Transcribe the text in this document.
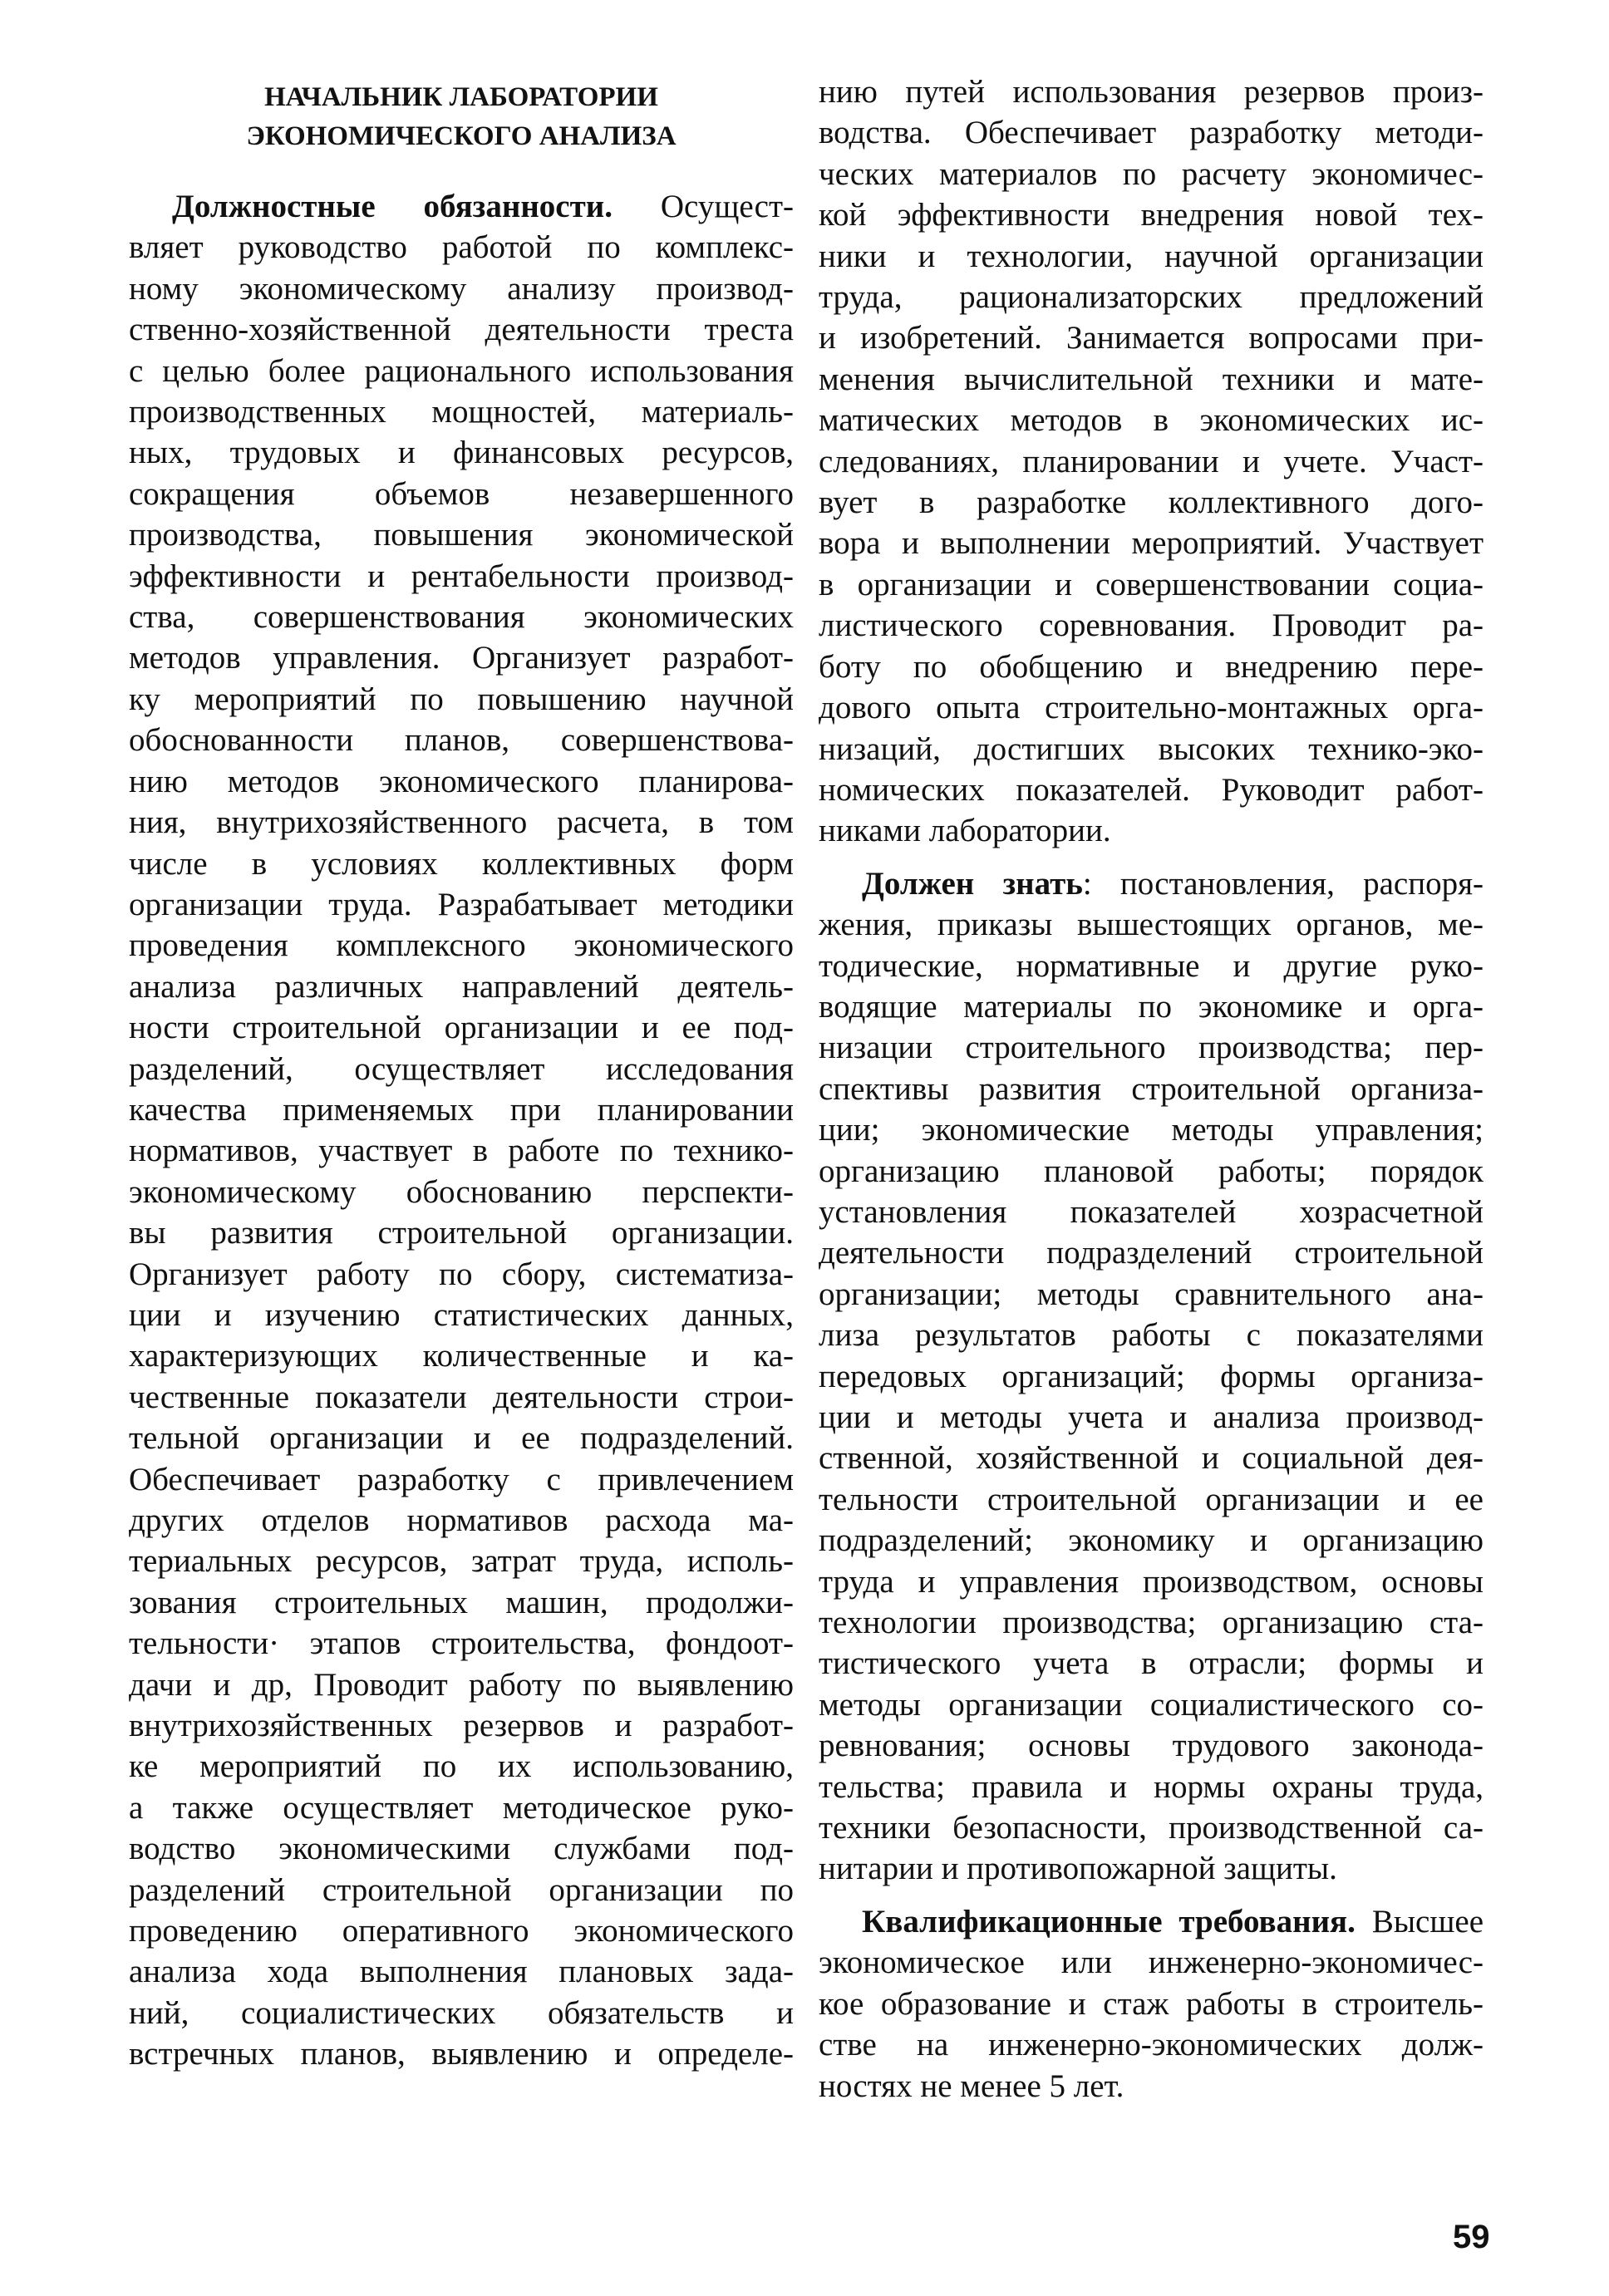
НАЧАЛЬНИК ЛАБОРАТОРИИ
ЭКОНОМИЧЕСКОГО АНАЛИЗА
Должностные обязанности. Осущест-
вляет руководство работой по комплекс-
ному экономическому анализу производ-
ственно-хозяйственной деятельности треста
с целью более рационального использования
производственных мощностей, материаль-
ных, трудовых и финансовых ресурсов,
сокращения объемов незавершенного
производства, повышения экономической
эффективности и рентабельности производ-
ства, совершенствования экономических
методов управления. Организует разработ-
ку мероприятий по повышению научной
обоснованности планов, совершенствова-
нию методов экономического планирова-
ния, внутрихозяйственного расчета, в том
числе в условиях коллективных форм
организации труда. Разрабатывает методики
проведения комплексного экономического
анализа различных направлений деятель-
ности строительной организации и ее под-
разделений, осуществляет исследования
качества применяемых при планировании
нормативов, участвует в работе по технико-
экономическому обоснованию перспекти-
вы развития строительной организации.
Организует работу по сбору, систематиза-
ции и изучению статистических данных,
характеризующих количественные и ка-
чественные показатели деятельности строи-
тельной организации и ее подразделений.
Обеспечивает разработку с привлечением
других отделов нормативов расхода ма-
териальных ресурсов, затрат труда, исполь-
зования строительных машин, продолжи-
тельности· этапов строительства, фондоот-
дачи и др, Проводит работу по выявлению
внутрихозяйственных резервов и разработ-
ке мероприятий по их использованию,
а также осуществляет методическое руко-
водство экономическими службами под-
разделений строительной организации по
проведению оперативного экономического
анализа хода выполнения плановых зада-
ний, социалистических обязательств и
встречных планов, выявлению и определе-
нию путей использования резервов произ-
водства. Обеспечивает разработку методи-
ческих материалов по расчету экономичес-
кой эффективности внедрения новой тех-
ники и технологии, научной организации
труда, рационализаторских предложений
и изобретений. Занимается вопросами при-
менения вычислительной техники и мате-
матических методов в экономических ис-
следованиях, планировании и учете. Участ-
вует в разработке коллективного дого-
вора и выполнении мероприятий. Участвует
в организации и совершенствовании социа-
листического соревнования. Проводит ра-
боту по обобщению и внедрению пере-
дового опыта строительно-монтажных орга-
низаций, достигших высоких технико-эко-
номических показателей. Руководит работ-
никами лаборатории.
Должен знать: постановления, распоря-
жения, приказы вышестоящих органов, ме-
тодические, нормативные и другие руко-
водящие материалы по экономике и орга-
низации строительного производства; пер-
спективы развития строительной организа-
ции; экономические методы управления;
организацию плановой работы; порядок
установления показателей хозрасчетной
деятельности подразделений строительной
организации; методы сравнительного ана-
лиза результатов работы с показателями
передовых организаций; формы организа-
ции и методы учета и анализа производ-
ственной, хозяйственной и социальной дея-
тельности строительной организации и ее
подразделений; экономику и организацию
труда и управления производством, основы
технологии производства; организацию ста-
тистического учета в отрасли; формы и
методы организации социалистического со-
ревнования; основы трудового законода-
тельства; правила и нормы охраны труда,
техники безопасности, производственной са-
нитарии и противопожарной защиты.
Квалификационные требования. Высшее
экономическое или инженерно-экономичес-
кое образование и стаж работы в строитель-
стве на инженерно-экономических долж-
ностях не менее 5 лет.
59
